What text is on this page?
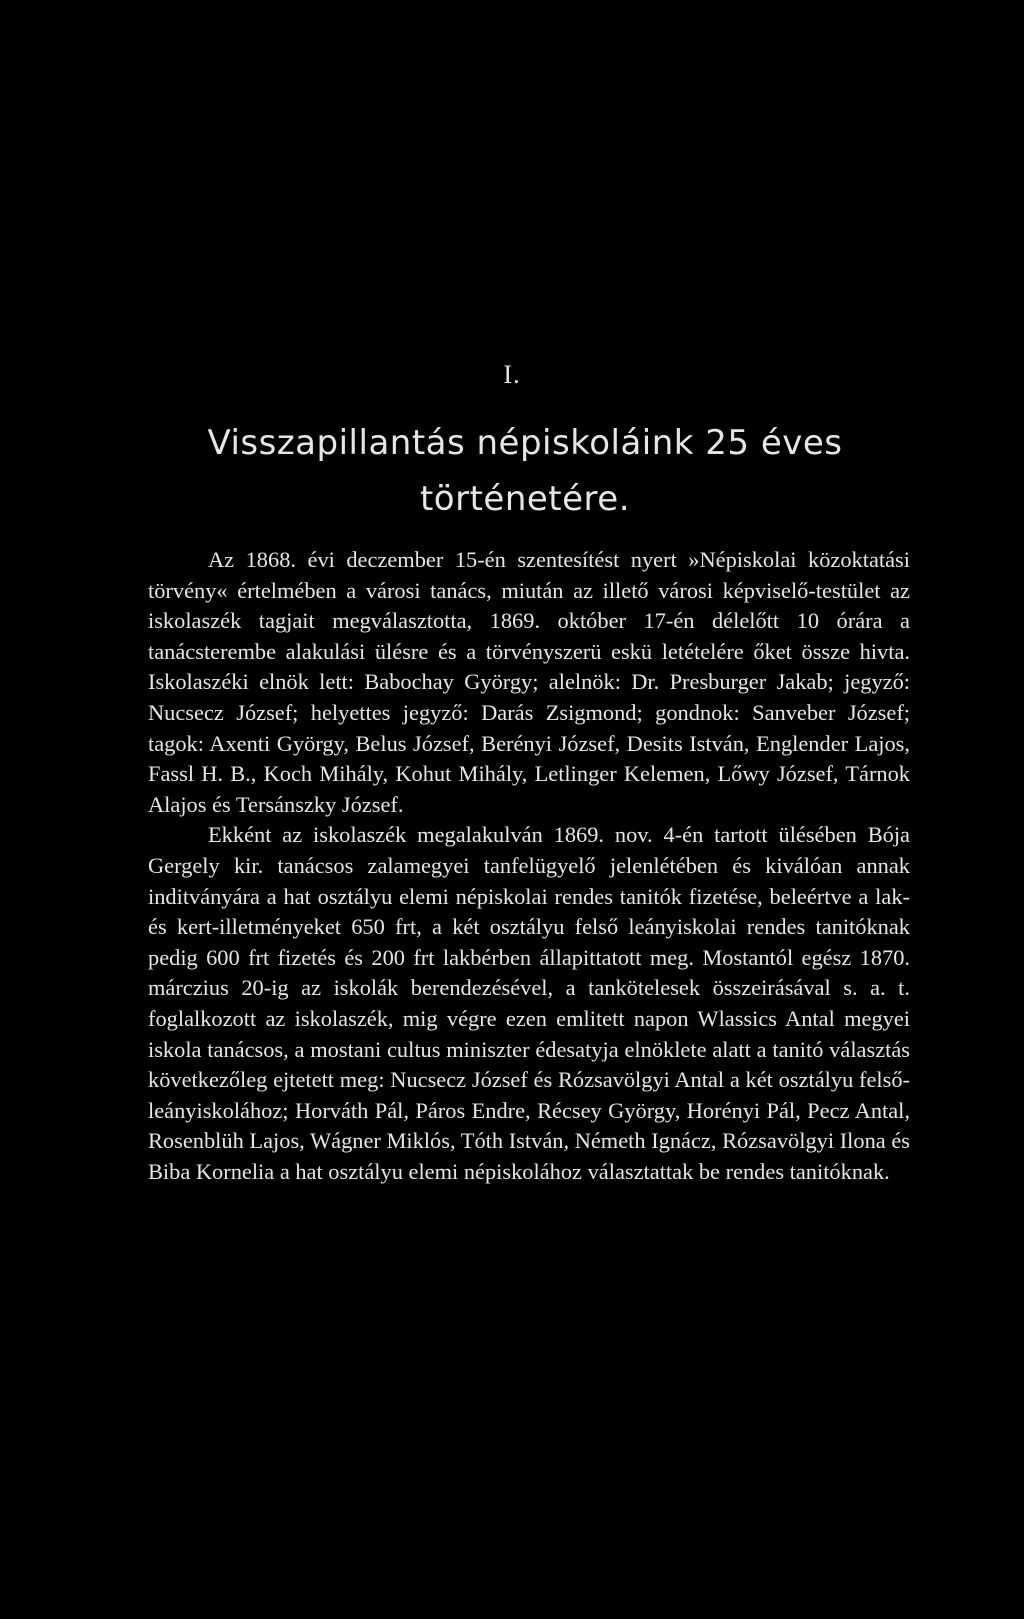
I.
Visszapillantás népiskoláink 25 éves
történetére.

Az 1868. évi deczember 15-én szentesítést nyert »Népiskolai közoktatási törvény« értelmében a városi tanács, miután az illető városi képviselő-testület az iskolaszék tagjait megválasztotta, 1869. október 17-én délelőtt 10 órára a tanácsterembe alakulási ülésre és a törvényszerü eskü letételére őket össze hivta. Iskolaszéki elnök lett: Babochay György; alelnök: Dr. Presburger Jakab; jegyző: Nucsecz József; helyettes jegyző: Darás Zsigmond; gondnok: Sanveber József; tagok: Axenti György, Belus József, Berényi József, Desits István, Englender Lajos, Fassl H. B., Koch Mihály, Kohut Mihály, Letlinger Kelemen, Lőwy József, Tárnok Alajos és Tersánszky József.

Ekként az iskolaszék megalakulván 1869. nov. 4-én tartott ülésében Bója Gergely kir. tanácsos zalamegyei tanfelügyelő jelenlétében és kiválóan annak inditványára a hat osztályu elemi népiskolai rendes tanitók fizetése, beleértve a lak- és kert-illetményeket 650 frt, a két osztályu felső leányiskolai rendes tanitóknak pedig 600 frt fizetés és 200 frt lakbérben állapittatott meg. Mostantól egész 1870. márczius 20-ig az iskolák berendezésével, a tankötelesek összeirásával s. a. t. foglalkozott az iskolaszék, mig végre ezen emlitett napon Wlassics Antal megyei iskola tanácsos, a mostani cultus miniszter édesatyja elnöklete alatt a tanitó választás következőleg ejtetett meg: Nucsecz József és Rózsavölgyi Antal a két osztályu felső-leányiskolához; Horváth Pál, Páros Endre, Récsey György, Horényi Pál, Pecz Antal, Rosenblüh Lajos, Wágner Miklós, Tóth István, Németh Ignácz, Rózsavölgyi Ilona és Biba Kornelia a hat osztályu elemi népiskolához választattak be rendes tanitóknak.
